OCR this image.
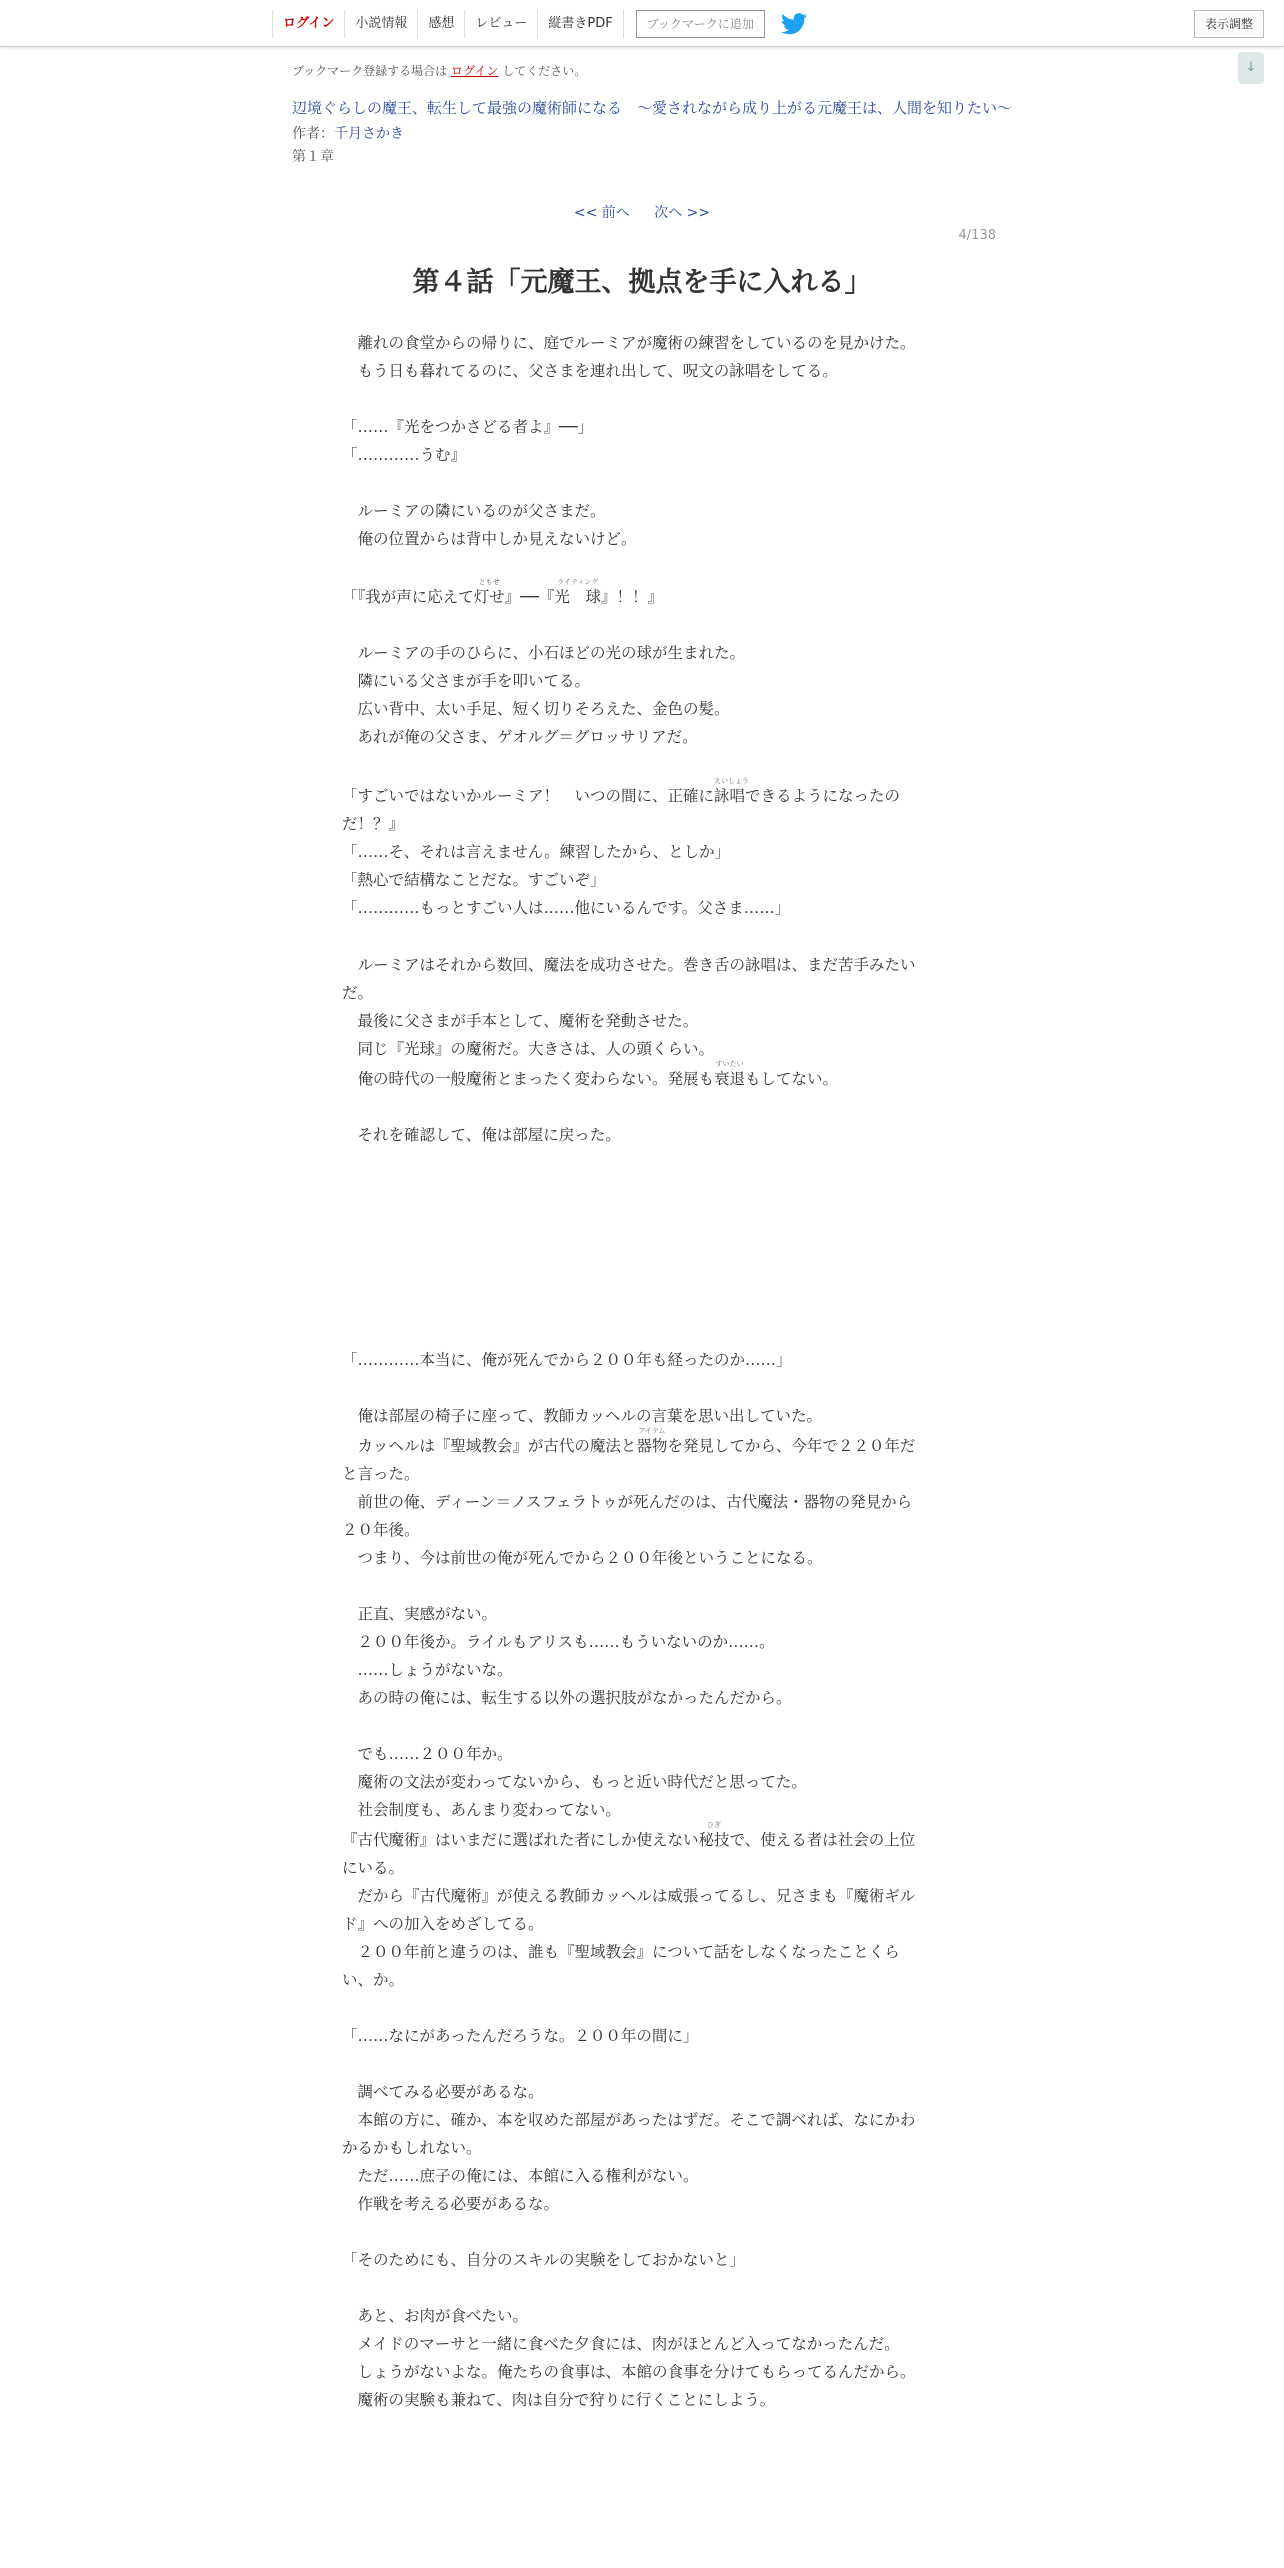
ログイン	小説情報	感想	レビュー	縦書きPDF	ブックマークに追加	表示調整
↓
ブックマーク登録する場合は ログイン してください。
辺境ぐらしの魔王、転生して最強の魔術師になる　〜愛されながら成り上がる元魔王は、人間を知りたい〜
作者：千月さかき
第１章
<< 前へ 次へ >>
4/138
第４話「元魔王、拠点を手に入れる」
　離れの食堂からの帰りに、庭でルーミアが魔術の練習をしているのを見かけた。
　もう日も暮れてるのに、父さまを連れ出して、呪文の詠唱をしてる。
「……『光をつかさどる者よ』──」
「…………うむ』
　ルーミアの隣にいるのが父さまだ。
　俺の位置からは背中しか見えないけど。
「『我が声に応えて
ともせ
灯せ』──『
ライティング
光　球』！！』
　ルーミアの手のひらに、小石ほどの光の球が生まれた。
　隣にいる父さまが手を叩いてる。
　広い背中、太い手足、短く切りそろえた、金色の髪。
　あれが俺の父さま、ゲオルグ＝グロッサリアだ。
「すごいではないかルーミア！　いつの間に、正確に
えいしょう
詠唱できるようになったの
だ！？』
「……そ、それは言えません。練習したから、としか」
「熱心で結構なことだな。すごいぞ」
「…………もっとすごい人は……他にいるんです。父さま……」
　ルーミアはそれから数回、魔法を成功させた。巻き舌の詠唱は、まだ苦手みたい
だ。
　最後に父さまが手本として、魔術を発動させた。
　同じ『光球』の魔術だ。大きさは、人の頭くらい。
　俺の時代の一般魔術とまったく変わらない。発展も
すいたい
衰退もしてない。
　それを確認して、俺は部屋に戻った。
「…………本当に、俺が死んでから２００年も経ったのか……」
　俺は部屋の椅子に座って、教師カッヘルの言葉を思い出していた。
　カッヘルは『聖域教会』が古代の魔法と
アイテム
器物を発見してから、今年で２２０年だ
と言った。
　前世の俺、ディーン＝ノスフェラトゥが死んだのは、古代魔法・器物の発見から
２０年後。
　つまり、今は前世の俺が死んでから２００年後ということになる。
　正直、実感がない。
　２００年後か。ライルもアリスも……もういないのか……。
　……しょうがないな。
　あの時の俺には、転生する以外の選択肢がなかったんだから。
　でも……２００年か。
　魔術の文法が変わってないから、もっと近い時代だと思ってた。
　社会制度も、あんまり変わってない。
『古代魔術』はいまだに選ばれた者にしか使えない
ひぎ
秘技で、使える者は社会の上位
にいる。
　だから『古代魔術』が使える教師カッヘルは威張ってるし、兄さまも『魔術ギル
ド』への加入をめざしてる。
　２００年前と違うのは、誰も『聖域教会』について話をしなくなったことくら
い、か。
「……なにがあったんだろうな。２００年の間に」
　調べてみる必要があるな。
　本館の方に、確か、本を収めた部屋があったはずだ。そこで調べれば、なにかわ
かるかもしれない。
　ただ……庶子の俺には、本館に入る権利がない。
　作戦を考える必要があるな。
「そのためにも、自分のスキルの実験をしておかないと」
　あと、お肉が食べたい。
　メイドのマーサと一緒に食べた夕食には、肉がほとんど入ってなかったんだ。
　しょうがないよな。俺たちの食事は、本館の食事を分けてもらってるんだから。
　魔術の実験も兼ねて、肉は自分で狩りに行くことにしよう。
